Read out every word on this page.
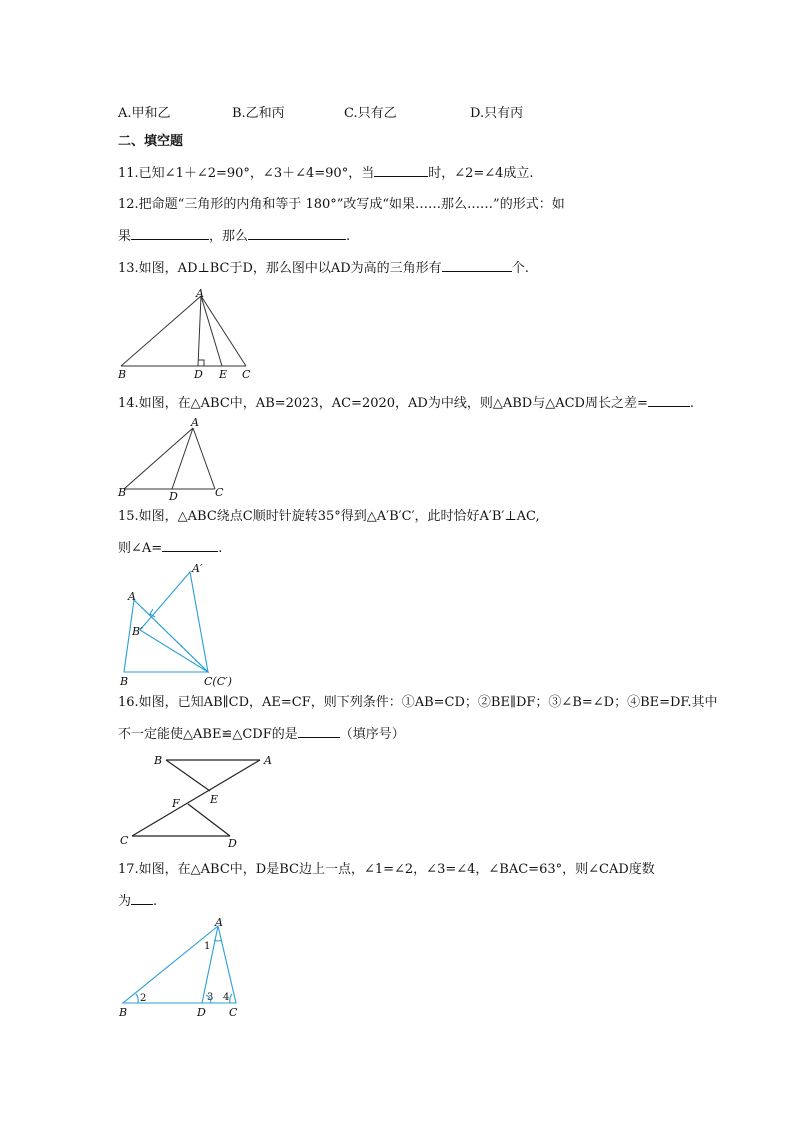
A.甲和乙	B.乙和丙	C.只有乙	D.只有丙
二、填空题
11.已知∠1＋∠2=90°，∠3＋∠4=90°，当	时，∠2=∠4成立.
12.把命题“三角形的内角和等于 180°”改写成“如果……那么……”的形式：如
果	，那么	.
13.如图，AD⊥BC于D，那么图中以AD为高的三角形有	个.
A
B	D E C
14.如图，在△ABC中，AB=2023，AC=2020，AD为中线，则△ABD与△ACD周长之差=	.
A
B	D	C
15.如图，△ABC绕点C顺时针旋转35°得到△A′B′C′，此时恰好A′B′⊥AC,
则∠A=	.
A
A′
B′
B	C(C′)
16.如图，已知AB∥CD，AE=CF，则下列条件：①AB=CD；②BE∥DF；③∠B=∠D；④BE=DF.其中
不一定能使△ABE≌△CDF的是	（填序号）
B	A
F	E
C	D
17.如图，在△ABC中，D是BC边上一点，∠1=∠2，∠3=∠4，∠BAC=63°，则∠CAD度数
为 .
A
B	D C
1
2	3 4
